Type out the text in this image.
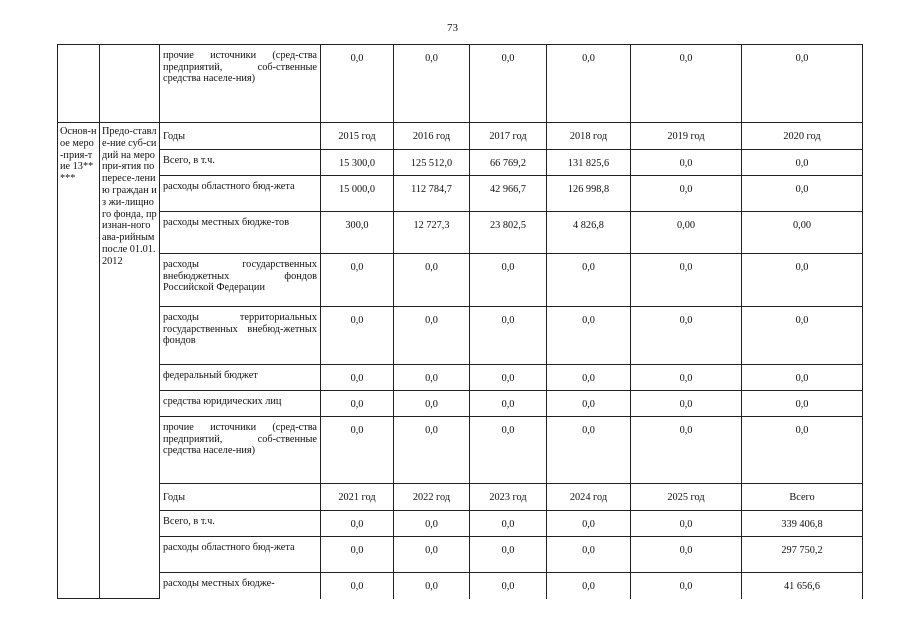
73
		прочие источники (сред-ства предприятий, соб-ственные средства населе-ния)	0,0	0,0	0,0	0,0	0,0	0,0
Основ-ное меро-прия-тие 13*****	Предо-ставле-ние суб-сидий на меропри-ятия по пересе-лению граждан из жи-лищного фонда, признан-ного ава-рийным после 01.01.2012	Годы	2015 год	2016 год	2017 год	2018 год	2019 год	2020 год
		Всего, в т.ч.	15 300,0	125 512,0	66 769,2	131 825,6	0,0	0,0
		расходы областного бюд-жета	15 000,0	112 784,7	42 966,7	126 998,8	0,0	0,0
		расходы местных бюдже-тов	300,0	12 727,3	23 802,5	4 826,8	0,00	0,00
		расходы государственных внебюджетных фондов Российской Федерации	0,0	0,0	0,0	0,0	0,0	0,0
		расходы территориальных государственных внебюд-жетных фондов	0,0	0,0	0,0	0,0	0,0	0,0
		федеральный бюджет	0,0	0,0	0,0	0,0	0,0	0,0
		средства юридических лиц	0,0	0,0	0,0	0,0	0,0	0,0
		прочие источники (сред-ства предприятий, соб-ственные средства населе-ния)	0,0	0,0	0,0	0,0	0,0	0,0
		Годы	2021 год	2022 год	2023 год	2024 год	2025 год	Всего
		Всего, в т.ч.	0,0	0,0	0,0	0,0	0,0	339 406,8
		расходы областного бюд-жета	0,0	0,0	0,0	0,0	0,0	297 750,2
		расходы местных бюдже-	0,0	0,0	0,0	0,0	0,0	41 656,6
